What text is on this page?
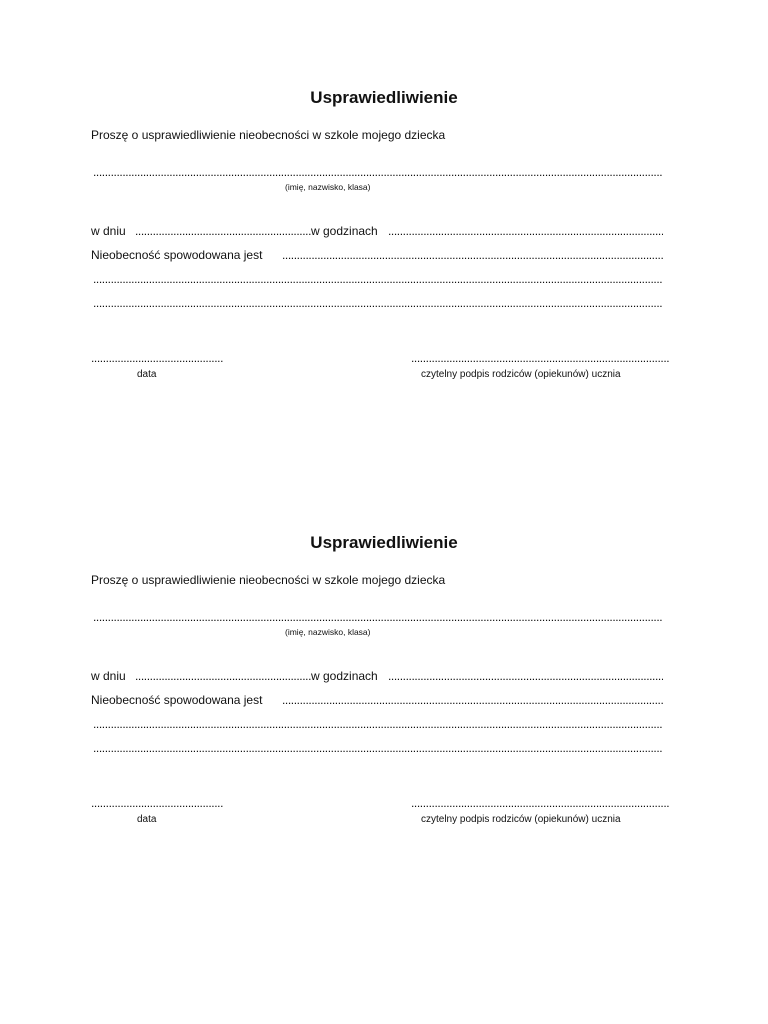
Usprawiedliwienie
Proszę o usprawiedliwienie nieobecności w szkole mojego dziecka
.....
(imię, nazwisko, klasa)
w dniu .....	w godzinach
.....
Nieobecność spowodowana jest
.....
.....
.....
.....
.....
data	czytelny podpis rodziców (opiekunów) ucznia
Usprawiedliwienie
Proszę o usprawiedliwienie nieobecności w szkole mojego dziecka
.....
(imię, nazwisko, klasa)
w dniu .....	w godzinach
.....
Nieobecność spowodowana jest
.....
.....
.....
.....
.....
data	czytelny podpis rodziców (opiekunów) ucznia
